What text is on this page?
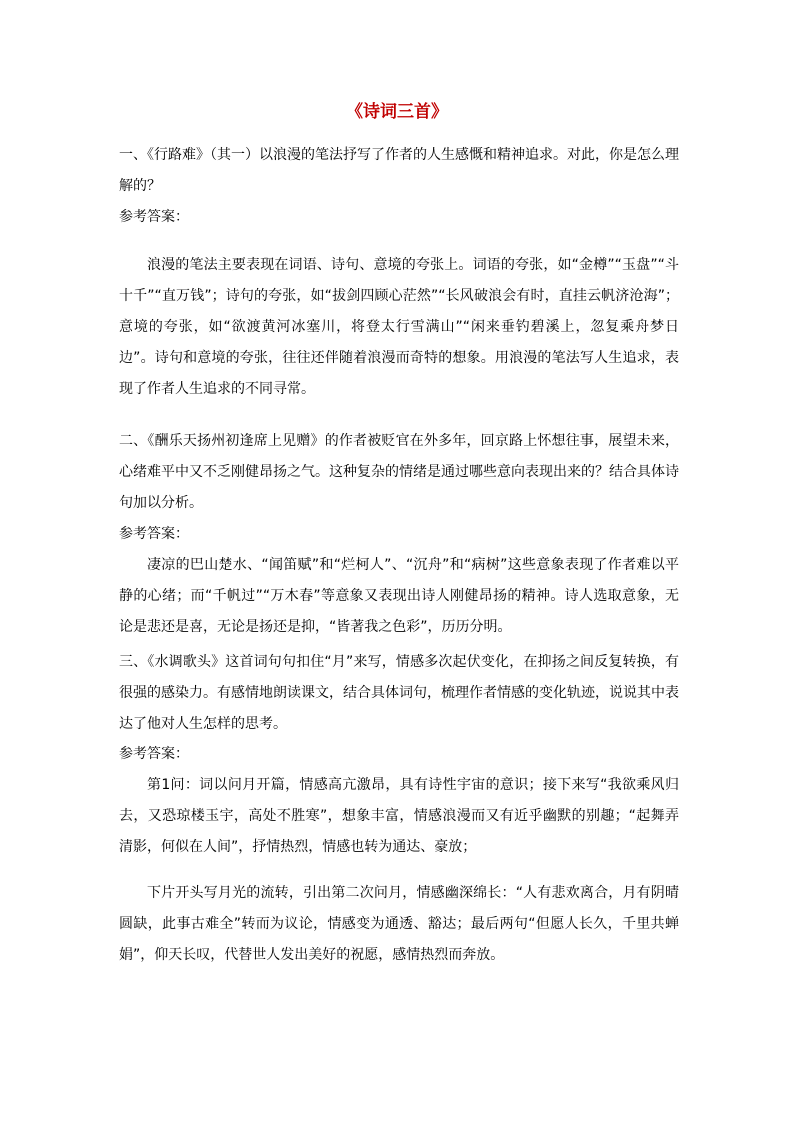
《诗词三首》
一、《行路难》（其一）以浪漫的笔法抒写了作者的人生感慨和精神追求。对此，你是怎么理解的？
参考答案：
浪漫的笔法主要表现在词语、诗句、意境的夸张上。词语的夸张，如“金樽”“玉盘”“斗十千”“直万钱”；诗句的夸张，如“拔剑四顾心茫然”“长风破浪会有时，直挂云帆济沧海”；意境的夸张，如“欲渡黄河冰塞川，将登太行雪满山”“闲来垂钓碧溪上，忽复乘舟梦日边”。诗句和意境的夸张，往往还伴随着浪漫而奇特的想象。用浪漫的笔法写人生追求，表现了作者人生追求的不同寻常。
二、《酬乐天扬州初逢席上见赠》的作者被贬官在外多年，回京路上怀想往事，展望未来，心绪难平中又不乏刚健昂扬之气。这种复杂的情绪是通过哪些意向表现出来的？结合具体诗句加以分析。
参考答案：
凄凉的巴山楚水、“闻笛赋”和“烂柯人”、“沉舟”和“病树”这些意象表现了作者难以平静的心绪；而“千帆过”“万木春”等意象又表现出诗人刚健昂扬的精神。诗人选取意象，无论是悲还是喜，无论是扬还是抑，“皆著我之色彩”，历历分明。
三、《水调歌头》这首词句句扣住“月”来写，情感多次起伏变化，在抑扬之间反复转换，有很强的感染力。有感情地朗读课文，结合具体词句，梳理作者情感的变化轨迹，说说其中表达了他对人生怎样的思考。
参考答案：
第1问：词以问月开篇，情感高亢激昂，具有诗性宇宙的意识；接下来写“我欲乘风归去，又恐琼楼玉宇，高处不胜寒”，想象丰富，情感浪漫而又有近乎幽默的别趣；“起舞弄清影，何似在人间”，抒情热烈，情感也转为通达、豪放；
下片开头写月光的流转，引出第二次问月，情感幽深绵长：“人有悲欢离合，月有阴晴圆缺，此事古难全”转而为议论，情感变为通透、豁达；最后两句“但愿人长久，千里共蝉娟”，仰天长叹，代替世人发出美好的祝愿，感情热烈而奔放。
